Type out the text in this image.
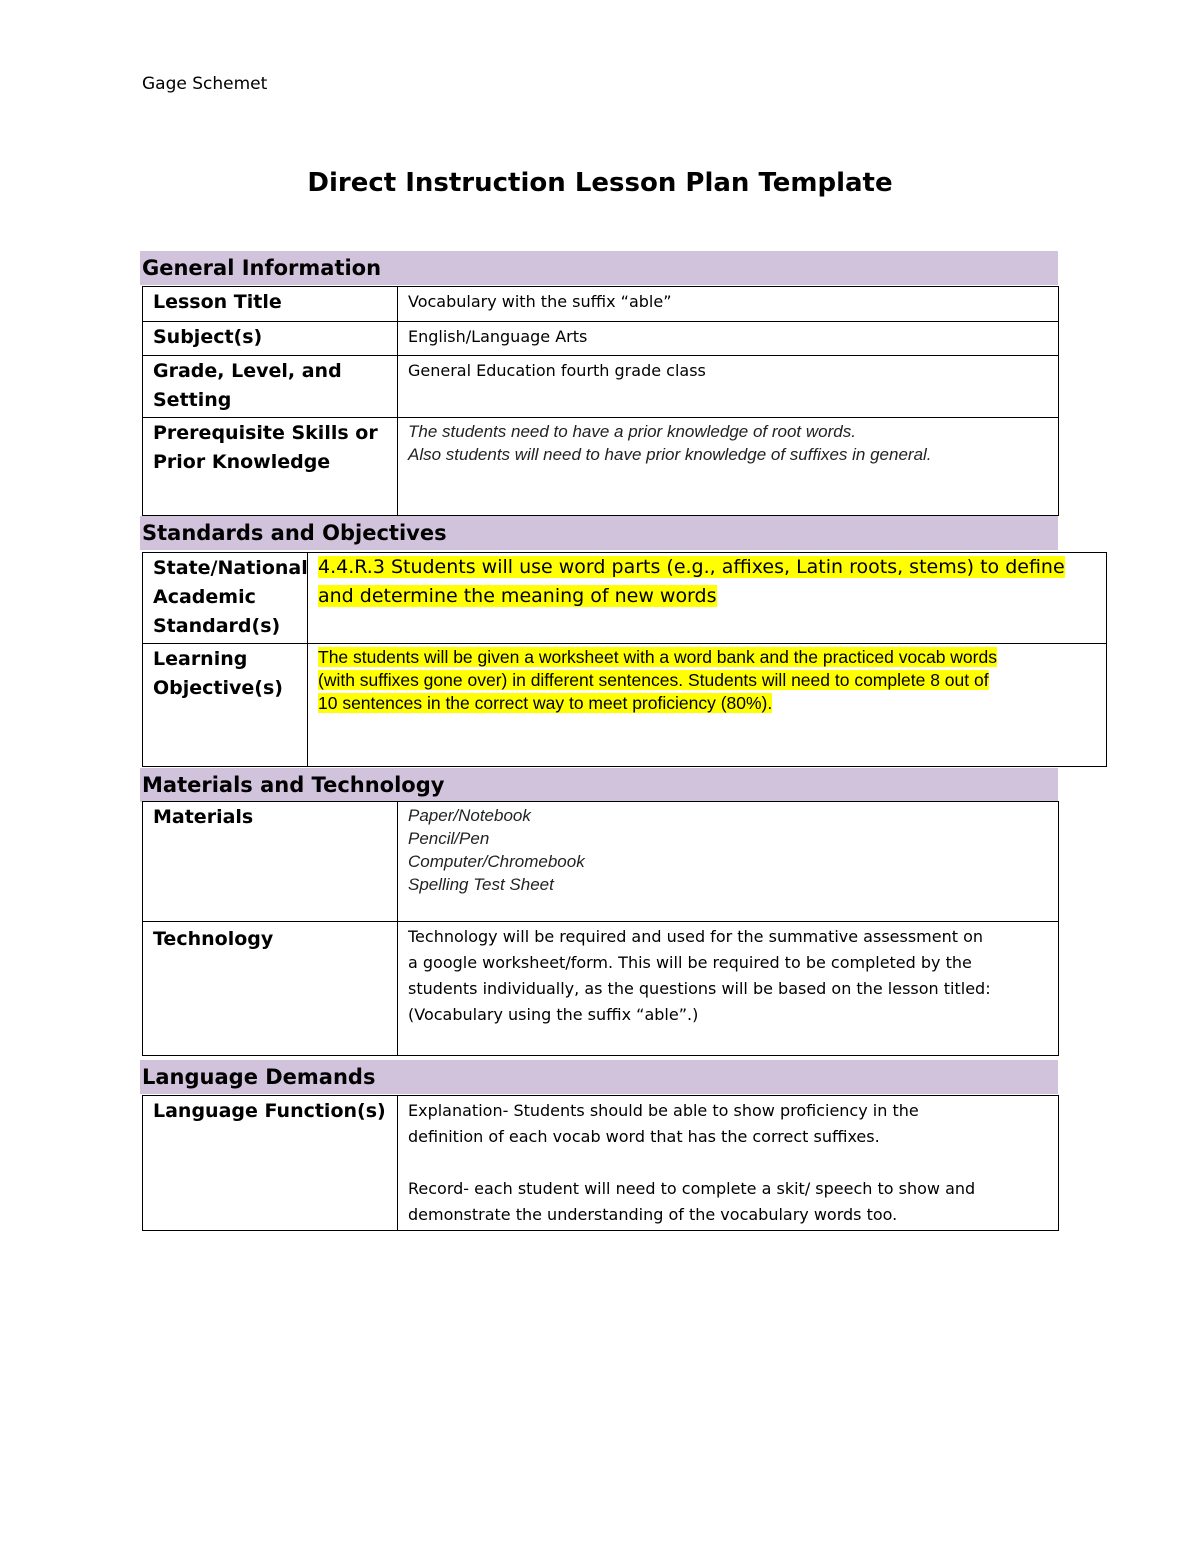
Gage Schemet
Direct Instruction Lesson Plan Template
General Information
Lesson Title	Vocabulary with the suffix “able”
Subject(s)	English/Language Arts

Grade, Level, and
Setting	General Education fourth grade class

Prerequisite Skills or
Prior Knowledge	The students need to have a prior knowledge of root words.
Also students will need to have prior knowledge of suffixes in general.
Standards and Objectives
State/National
Academic
Standard(s)	4.4.R.3 Students will use word parts (e.g., affixes, Latin roots, stems) to define
and determine the meaning of new words

Learning
Objective(s)	The students will be given a worksheet with a word bank and the practiced vocab words
(with suffixes gone over) in different sentences. Students will need to complete 8 out of
10 sentences in the correct way to meet proficiency (80%).
Materials and Technology
Materials	Paper/Notebook
Pencil/Pen
Computer/Chromebook
Spelling Test Sheet

Technology	Technology will be required and used for the summative assessment on
a google worksheet/form. This will be required to be completed by the
students individually, as the questions will be based on the lesson titled:
(Vocabulary using the suffix “able”.)
Language Demands
Language Function(s)	Explanation- Students should be able to show proficiency in the
definition of each vocab word that has the correct suffixes.
Record- each student will need to complete a skit/ speech to show and
demonstrate the understanding of the vocabulary words too.
